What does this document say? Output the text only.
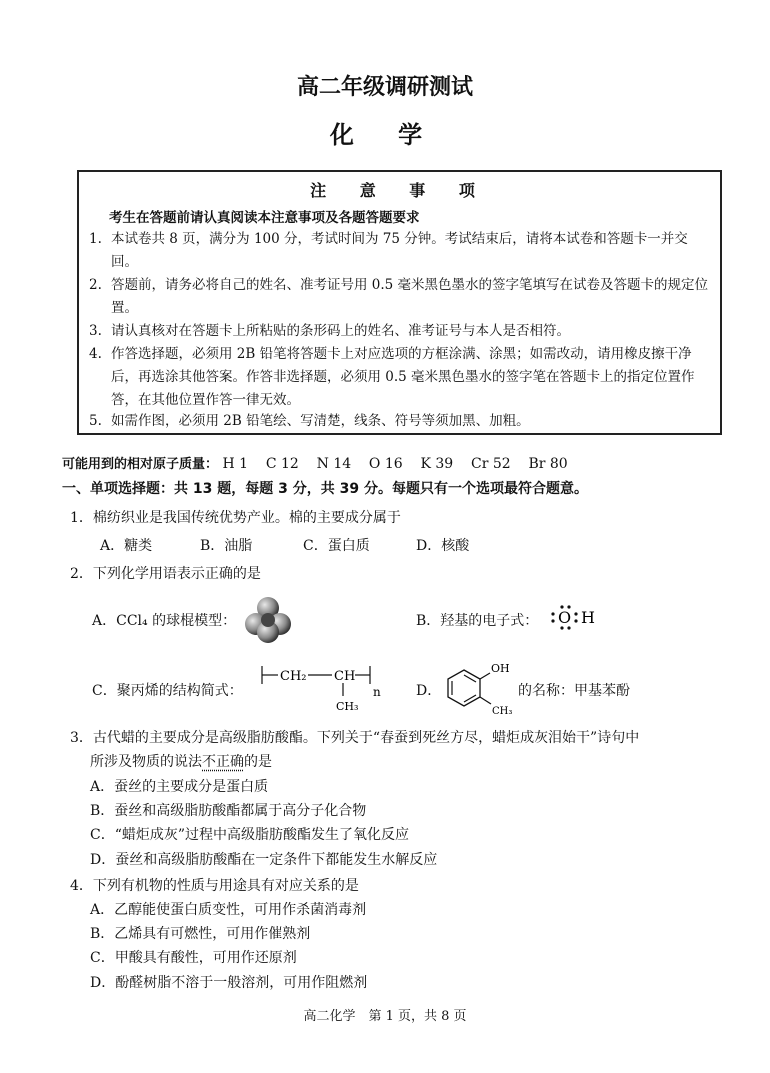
高二年级调研测试
化 学
注 意 事 项
考生在答题前请认真阅读本注意事项及各题答题要求
1. 本试卷共 8 页，满分为 100 分，考试时间为 75 分钟。考试结束后，请将本试卷和答题卡一并交回。
2. 答题前，请务必将自己的姓名、准考证号用 0.5 毫米黑色墨水的签字笔填写在试卷及答题卡的规定位置。
3. 请认真核对在答题卡上所粘贴的条形码上的姓名、准考证号与本人是否相符。
4. 作答选择题，必须用 2B 铅笔将答题卡上对应选项的方框涂满、涂黑；如需改动，请用橡皮擦干净后，再选涂其他答案。作答非选择题，必须用 0.5 毫米黑色墨水的签字笔在答题卡上的指定位置作答，在其他位置作答一律无效。
5. 如需作图，必须用 2B 铅笔绘、写清楚，线条、符号等须加黑、加粗。
可能用到的相对原子质量： H 1    C 12    N 14    O 16    K 39    Cr 52    Br 80
一、单项选择题：共 13 题，每题 3 分，共 39 分。每题只有一个选项最符合题意。
1．棉纺织业是我国传统优势产业。棉的主要成分属于
A．糖类	B．油脂	C．蛋白质	D．核酸
2．下列化学用语表示正确的是
A．CCl₄ 的球棍模型：	B．羟基的电子式： O H
C．聚丙烯的结构简式：
CH₂ CH
CH₃
n	D．
OH
CH₃
的名称：甲基苯酚
3．古代蜡的主要成分是高级脂肪酸酯。下列关于“春蚕到死丝方尽，蜡炬成灰泪始干”诗句中
所涉及物质的说法不正确的是
A．蚕丝的主要成分是蛋白质
B．蚕丝和高级脂肪酸酯都属于高分子化合物
C．“蜡炬成灰”过程中高级脂肪酸酯发生了氧化反应
D．蚕丝和高级脂肪酸酯在一定条件下都能发生水解反应
4．下列有机物的性质与用途具有对应关系的是
A．乙醇能使蛋白质变性，可用作杀菌消毒剂
B．乙烯具有可燃性，可用作催熟剂
C．甲酸具有酸性，可用作还原剂
D．酚醛树脂不溶于一般溶剂，可用作阻燃剂
高二化学　第 1 页，共 8 页
